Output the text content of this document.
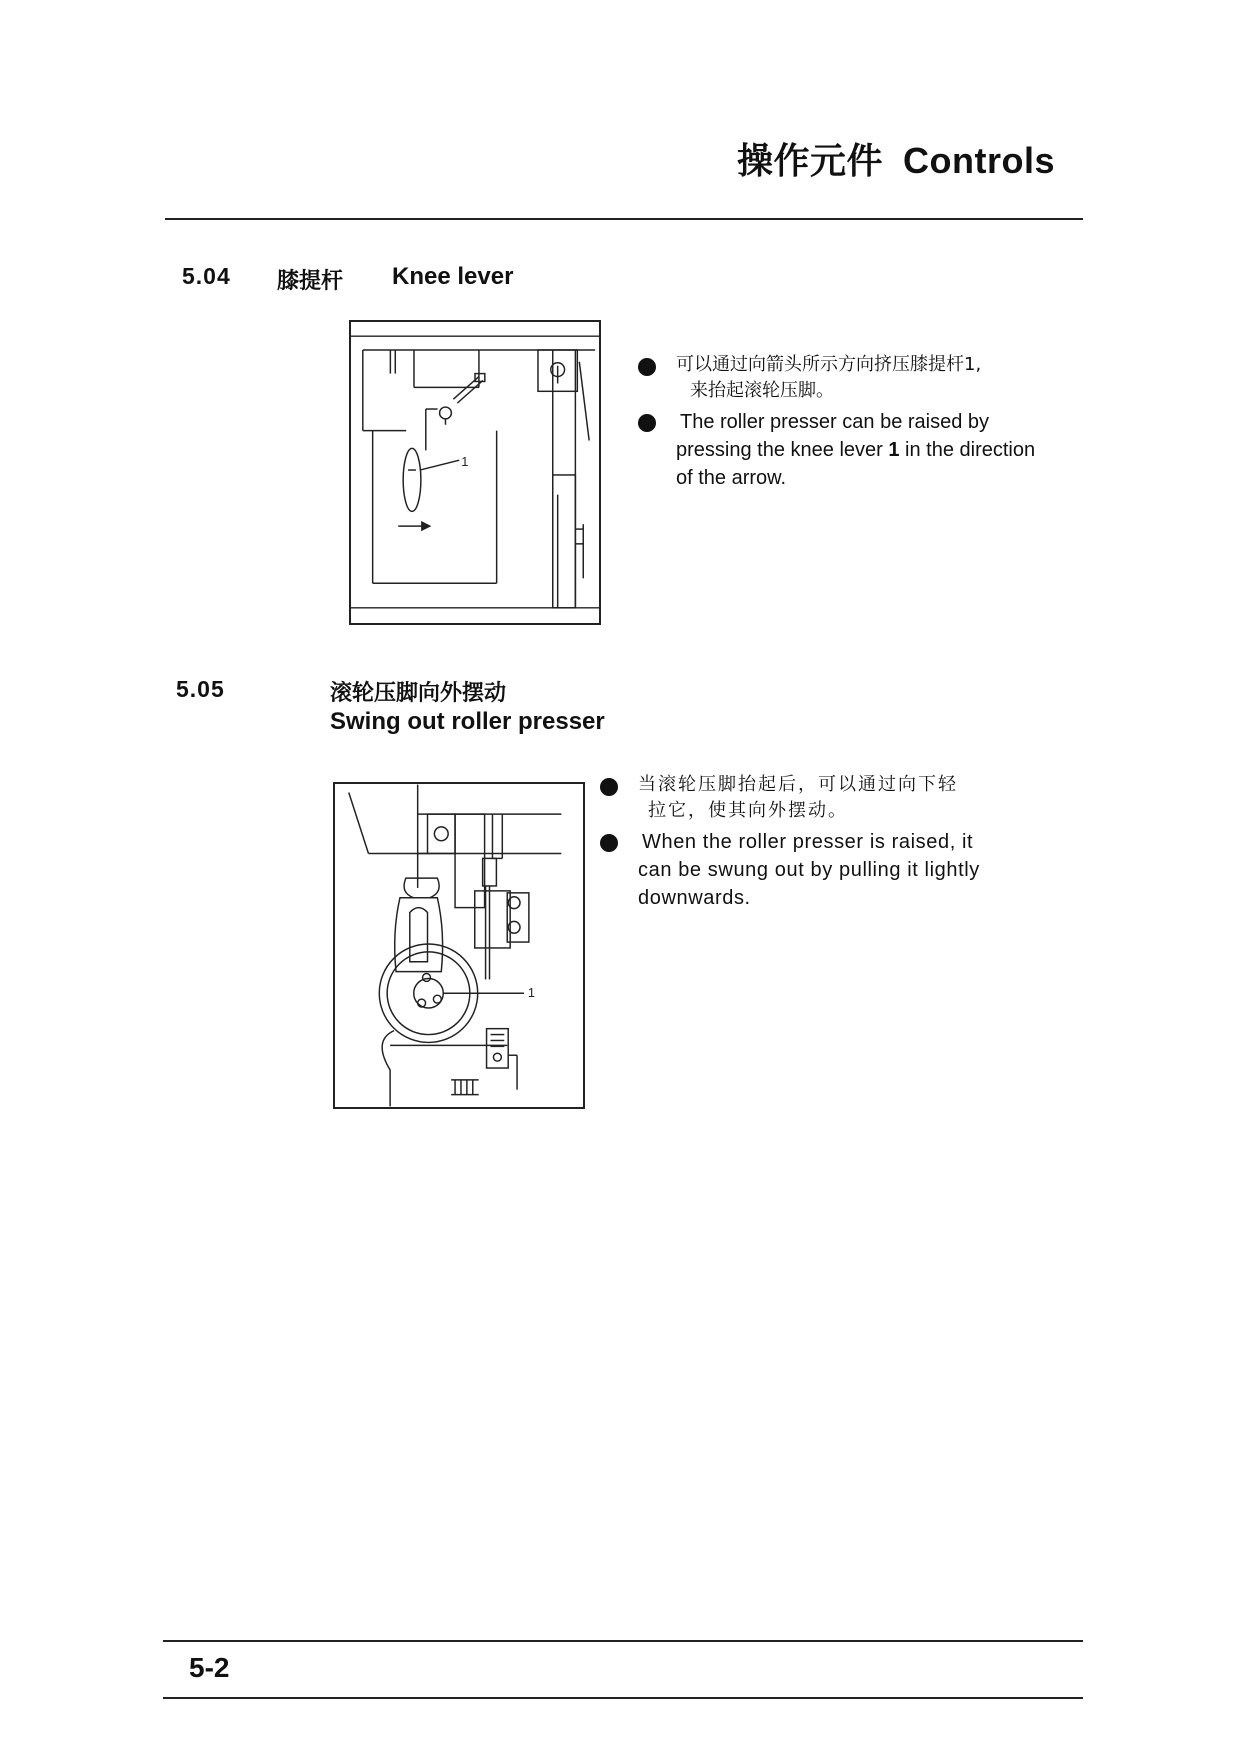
操作元件 Controls
5.04 膝提杆 Knee lever
1
可以通过向箭头所示方向挤压膝提杆1,
来抬起滚轮压脚。
The roller presser can be raised by
pressing the knee lever 1 in the direction
of the arrow.
5.05	滚轮压脚向外摆动
Swing out roller presser
1
当滚轮压脚抬起后，可以通过向下轻
拉它，使其向外摆动。
When the roller presser is raised, it
can be swung out by pulling it lightly
downwards.
5-2
